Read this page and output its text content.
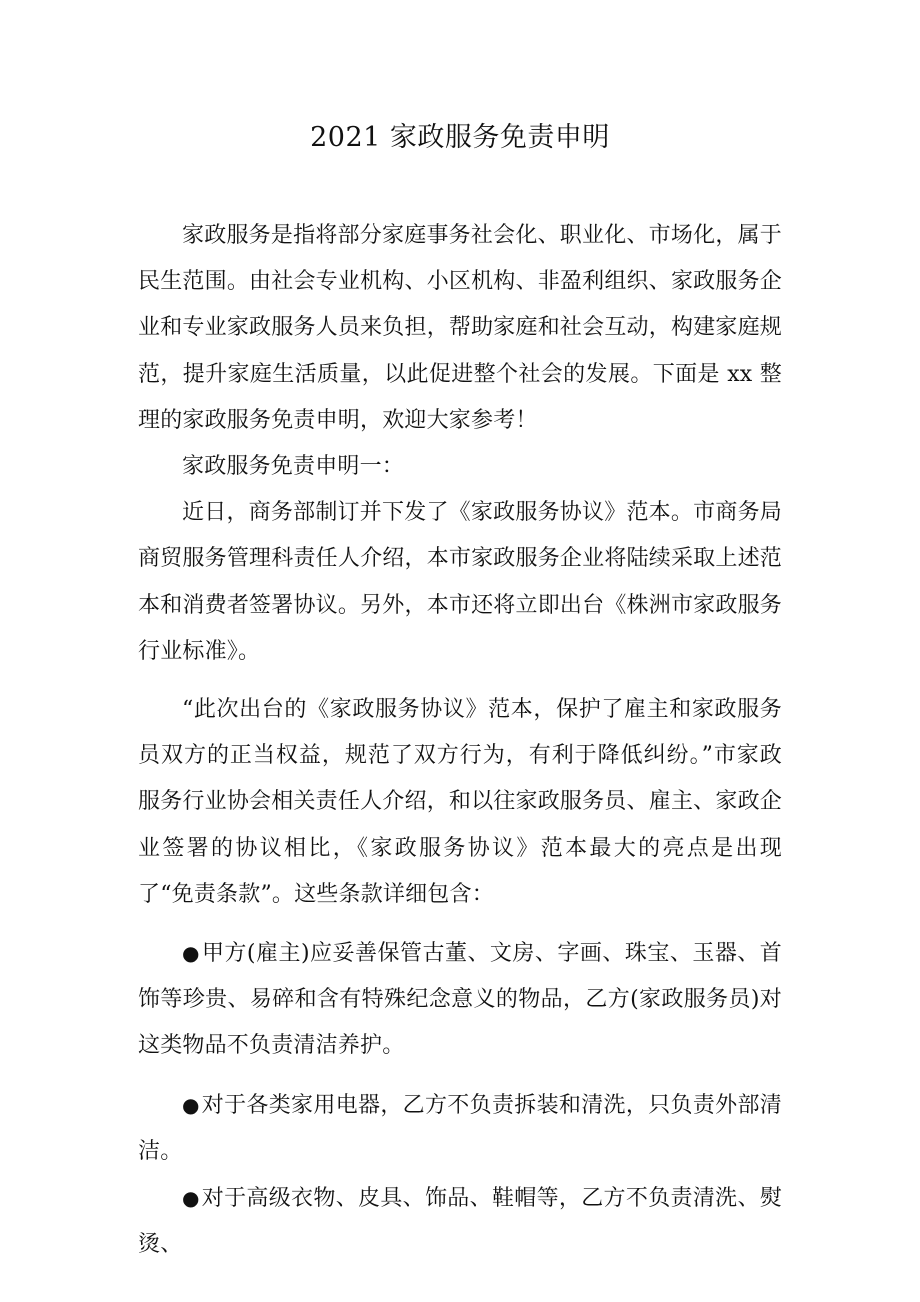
2021 家政服务免责申明

家政服务是指将部分家庭事务社会化、职业化、市场化，属于民生范围。由社会专业机构、小区机构、非盈利组织、家政服务企业和专业家政服务人员来负担，帮助家庭和社会互动，构建家庭规范，提升家庭生活质量，以此促进整个社会的发展。下面是 xx 整理的家政服务免责申明，欢迎大家参考！

家政服务免责申明一：

近日，商务部制订并下发了《家政服务协议》范本。市商务局商贸服务管理科责任人介绍，本市家政服务企业将陆续采取上述范本和消费者签署协议。另外，本市还将立即出台《株洲市家政服务行业标准》。

“此次出台的《家政服务协议》范本，保护了雇主和家政服务员双方的正当权益，规范了双方行为，有利于降低纠纷。”市家政服务行业协会相关责任人介绍，和以往家政服务员、雇主、家政企业签署的协议相比，《家政服务协议》范本最大的亮点是出现了“免责条款”。这些条款详细包含：

●甲方(雇主)应妥善保管古董、文房、字画、珠宝、玉器、首饰等珍贵、易碎和含有特殊纪念意义的物品，乙方(家政服务员)对这类物品不负责清洁养护。

●对于各类家用电器，乙方不负责拆装和清洗，只负责外部清洁。

●对于高级衣物、皮具、饰品、鞋帽等，乙方不负责清洗、熨烫、
